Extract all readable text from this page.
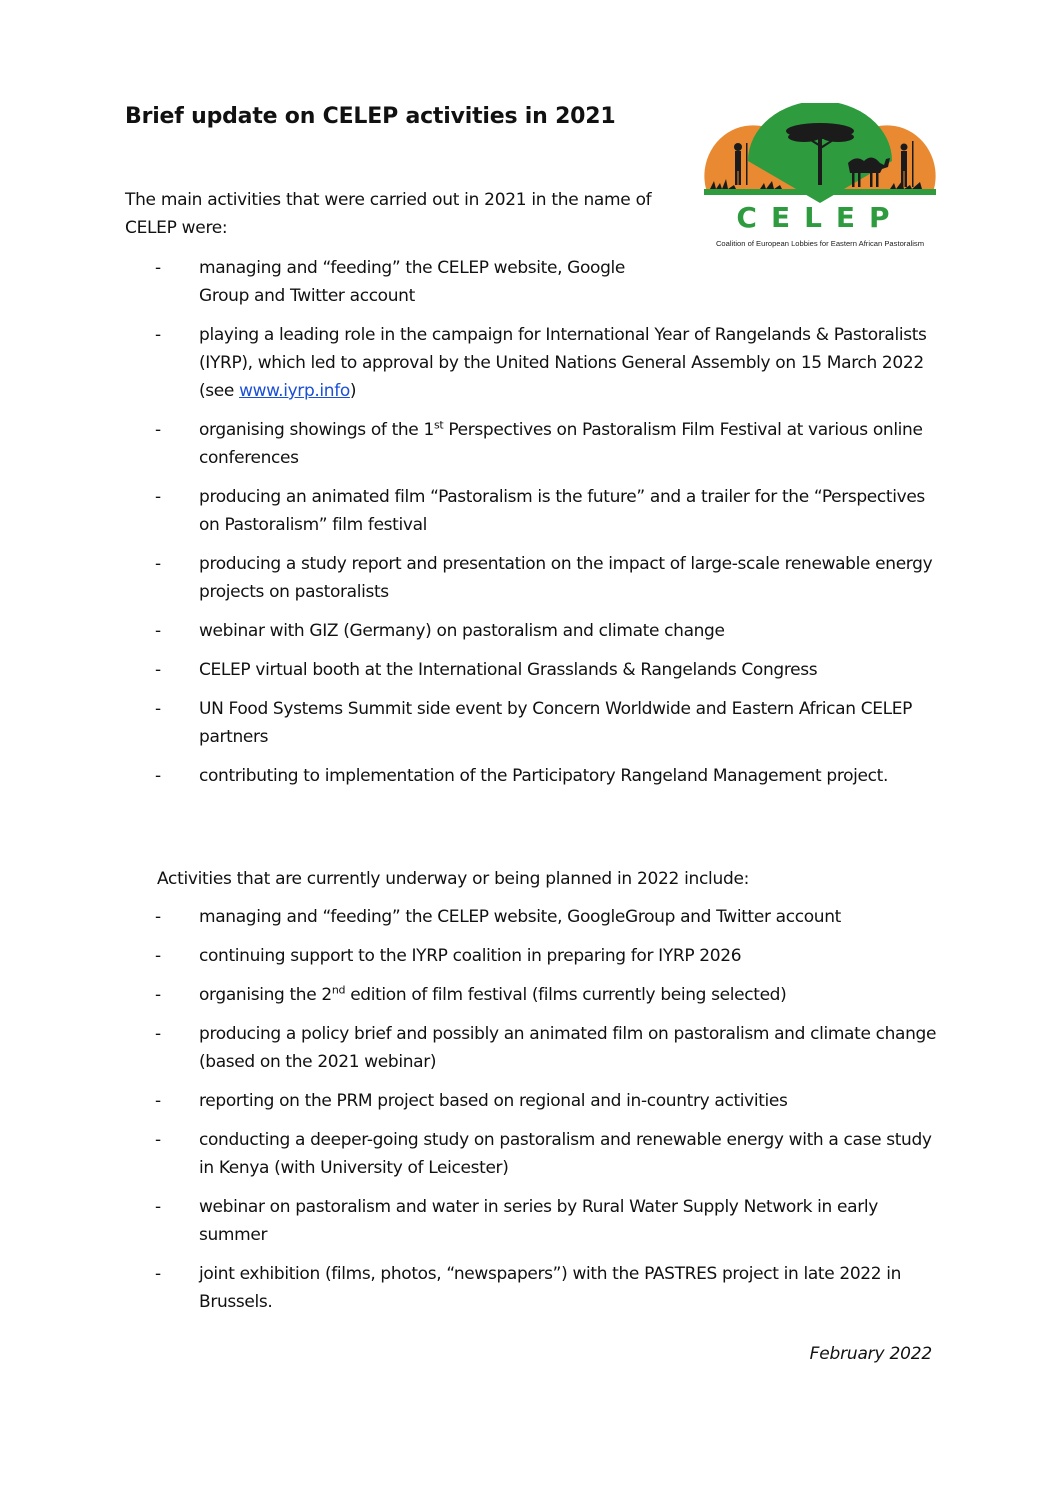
Brief update on CELEP activities in 2021
The main activities that were carried out in 2021 in the name of CELEP were:	CELEP
Coalition of European Lobbies for Eastern African Pastoralism
- managing and “feeding” the CELEP website, Google Group and Twitter account
- playing a leading role in the campaign for International Year of Rangelands & Pastoralists (IYRP), which led to approval by the United Nations General Assembly on 15 March 2022 (see www.iyrp.info)
- organising showings of the 1st Perspectives on Pastoralism Film Festival at various online conferences
- producing an animated film “Pastoralism is the future” and a trailer for the “Perspectives on Pastoralism” film festival
- producing a study report and presentation on the impact of large-scale renewable energy projects on pastoralists
- webinar with GIZ (Germany) on pastoralism and climate change
- CELEP virtual booth at the International Grasslands & Rangelands Congress
- UN Food Systems Summit side event by Concern Worldwide and Eastern African CELEP partners
- contributing to implementation of the Participatory Rangeland Management project.
Activities that are currently underway or being planned in 2022 include:
- managing and “feeding” the CELEP website, GoogleGroup and Twitter account
- continuing support to the IYRP coalition in preparing for IYRP 2026
- organising the 2nd edition of film festival (films currently being selected)
- producing a policy brief and possibly an animated film on pastoralism and climate change (based on the 2021 webinar)
- reporting on the PRM project based on regional and in-country activities
- conducting a deeper-going study on pastoralism and renewable energy with a case study in Kenya (with University of Leicester)
- webinar on pastoralism and water in series by Rural Water Supply Network in early summer
- joint exhibition (films, photos, “newspapers”) with the PASTRES project in late 2022 in Brussels.
February 2022
